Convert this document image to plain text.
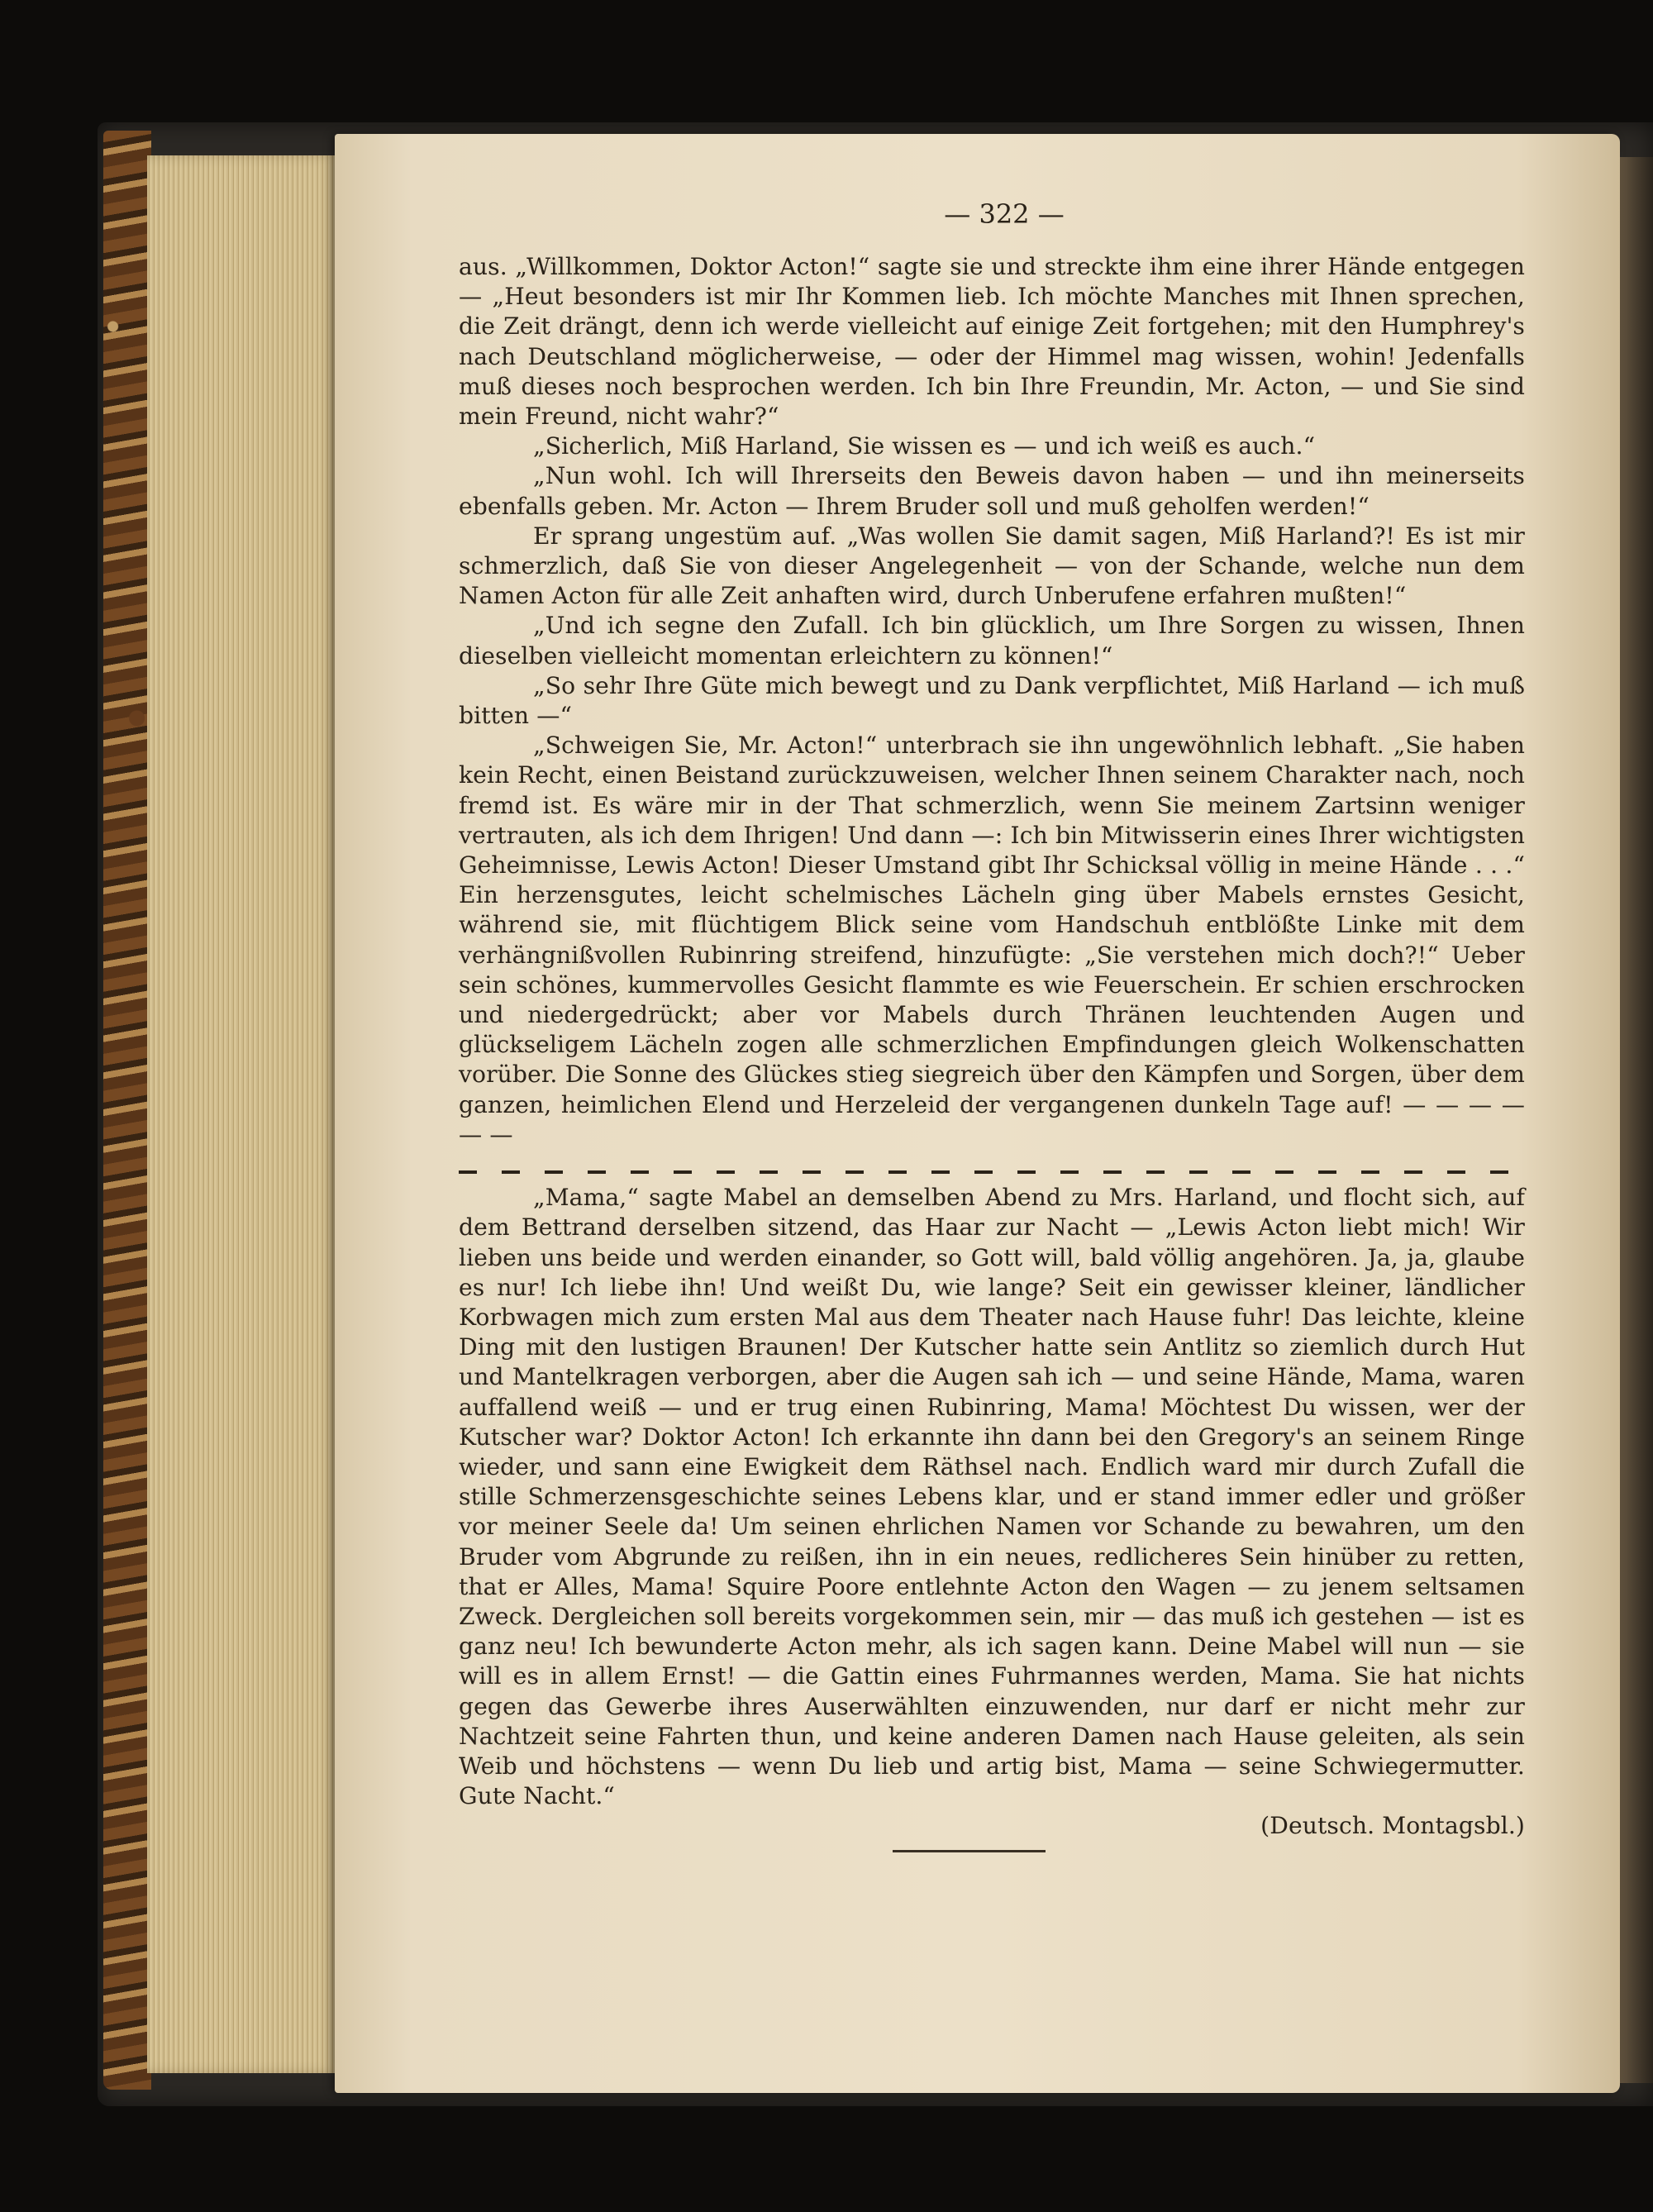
— 322 —

aus. „Willkommen, Doktor Acton!“ sagte sie und streckte ihm eine ihrer Hände entgegen — „Heut besonders ist mir Ihr Kommen lieb. Ich möchte Manches mit Ihnen sprechen, die Zeit drängt, denn ich werde vielleicht auf einige Zeit fortgehen; mit den Humphrey's nach Deutschland möglicherweise, — oder der Himmel mag wissen, wohin! Jedenfalls muß dieses noch besprochen werden. Ich bin Ihre Freundin, Mr. Acton, — und Sie sind mein Freund, nicht wahr?“

„Sicherlich, Miß Harland, Sie wissen es — und ich weiß es auch.“

„Nun wohl. Ich will Ihrerseits den Beweis davon haben — und ihn meinerseits ebenfalls geben. Mr. Acton — Ihrem Bruder soll und muß geholfen werden!“

Er sprang ungestüm auf. „Was wollen Sie damit sagen, Miß Harland?! Es ist mir schmerzlich, daß Sie von dieser Angelegenheit — von der Schande, welche nun dem Namen Acton für alle Zeit anhaften wird, durch Unberufene erfahren mußten!“

„Und ich segne den Zufall. Ich bin glücklich, um Ihre Sorgen zu wissen, Ihnen dieselben vielleicht momentan erleichtern zu können!“

„So sehr Ihre Güte mich bewegt und zu Dank verpflichtet, Miß Harland — ich muß bitten —“

„Schweigen Sie, Mr. Acton!“ unterbrach sie ihn ungewöhnlich lebhaft. „Sie haben kein Recht, einen Beistand zurückzuweisen, welcher Ihnen seinem Charakter nach, noch fremd ist. Es wäre mir in der That schmerzlich, wenn Sie meinem Zartsinn weniger vertrauten, als ich dem Ihrigen! Und dann —: Ich bin Mitwisserin eines Ihrer wichtigsten Geheimnisse, Lewis Acton! Dieser Umstand gibt Ihr Schicksal völlig in meine Hände . . .“ Ein herzensgutes, leicht schelmisches Lächeln ging über Mabels ernstes Gesicht, während sie, mit flüchtigem Blick seine vom Handschuh entblößte Linke mit dem verhängnißvollen Rubinring streifend, hinzufügte: „Sie verstehen mich doch?!“ Ueber sein schönes, kummervolles Gesicht flammte es wie Feuerschein. Er schien erschrocken und niedergedrückt; aber vor Mabels durch Thränen leuchtenden Augen und glückseligem Lächeln zogen alle schmerzlichen Empfindungen gleich Wolkenschatten vorüber. Die Sonne des Glückes stieg siegreich über den Kämpfen und Sorgen, über dem ganzen, heimlichen Elend und Herzeleid der vergangenen dunkeln Tage auf! — — — — — —

„Mama,“ sagte Mabel an demselben Abend zu Mrs. Harland, und flocht sich, auf dem Bettrand derselben sitzend, das Haar zur Nacht — „Lewis Acton liebt mich! Wir lieben uns beide und werden einander, so Gott will, bald völlig angehören. Ja, ja, glaube es nur! Ich liebe ihn! Und weißt Du, wie lange? Seit ein gewisser kleiner, ländlicher Korbwagen mich zum ersten Mal aus dem Theater nach Hause fuhr! Das leichte, kleine Ding mit den lustigen Braunen! Der Kutscher hatte sein Antlitz so ziemlich durch Hut und Mantelkragen verborgen, aber die Augen sah ich — und seine Hände, Mama, waren auffallend weiß — und er trug einen Rubinring, Mama! Möchtest Du wissen, wer der Kutscher war? Doktor Acton! Ich erkannte ihn dann bei den Gregory's an seinem Ringe wieder, und sann eine Ewigkeit dem Räthsel nach. Endlich ward mir durch Zufall die stille Schmerzensgeschichte seines Lebens klar, und er stand immer edler und größer vor meiner Seele da! Um seinen ehrlichen Namen vor Schande zu bewahren, um den Bruder vom Abgrunde zu reißen, ihn in ein neues, redlicheres Sein hinüber zu retten, that er Alles, Mama! Squire Poore entlehnte Acton den Wagen — zu jenem seltsamen Zweck. Dergleichen soll bereits vorgekommen sein, mir — das muß ich gestehen — ist es ganz neu! Ich bewunderte Acton mehr, als ich sagen kann. Deine Mabel will nun — sie will es in allem Ernst! — die Gattin eines Fuhrmannes werden, Mama. Sie hat nichts gegen das Gewerbe ihres Auserwählten einzuwenden, nur darf er nicht mehr zur Nachtzeit seine Fahrten thun, und keine anderen Damen nach Hause geleiten, als sein Weib und höchstens — wenn Du lieb und artig bist, Mama — seine Schwiegermutter. Gute Nacht.“

(Deutsch. Montagsbl.)
